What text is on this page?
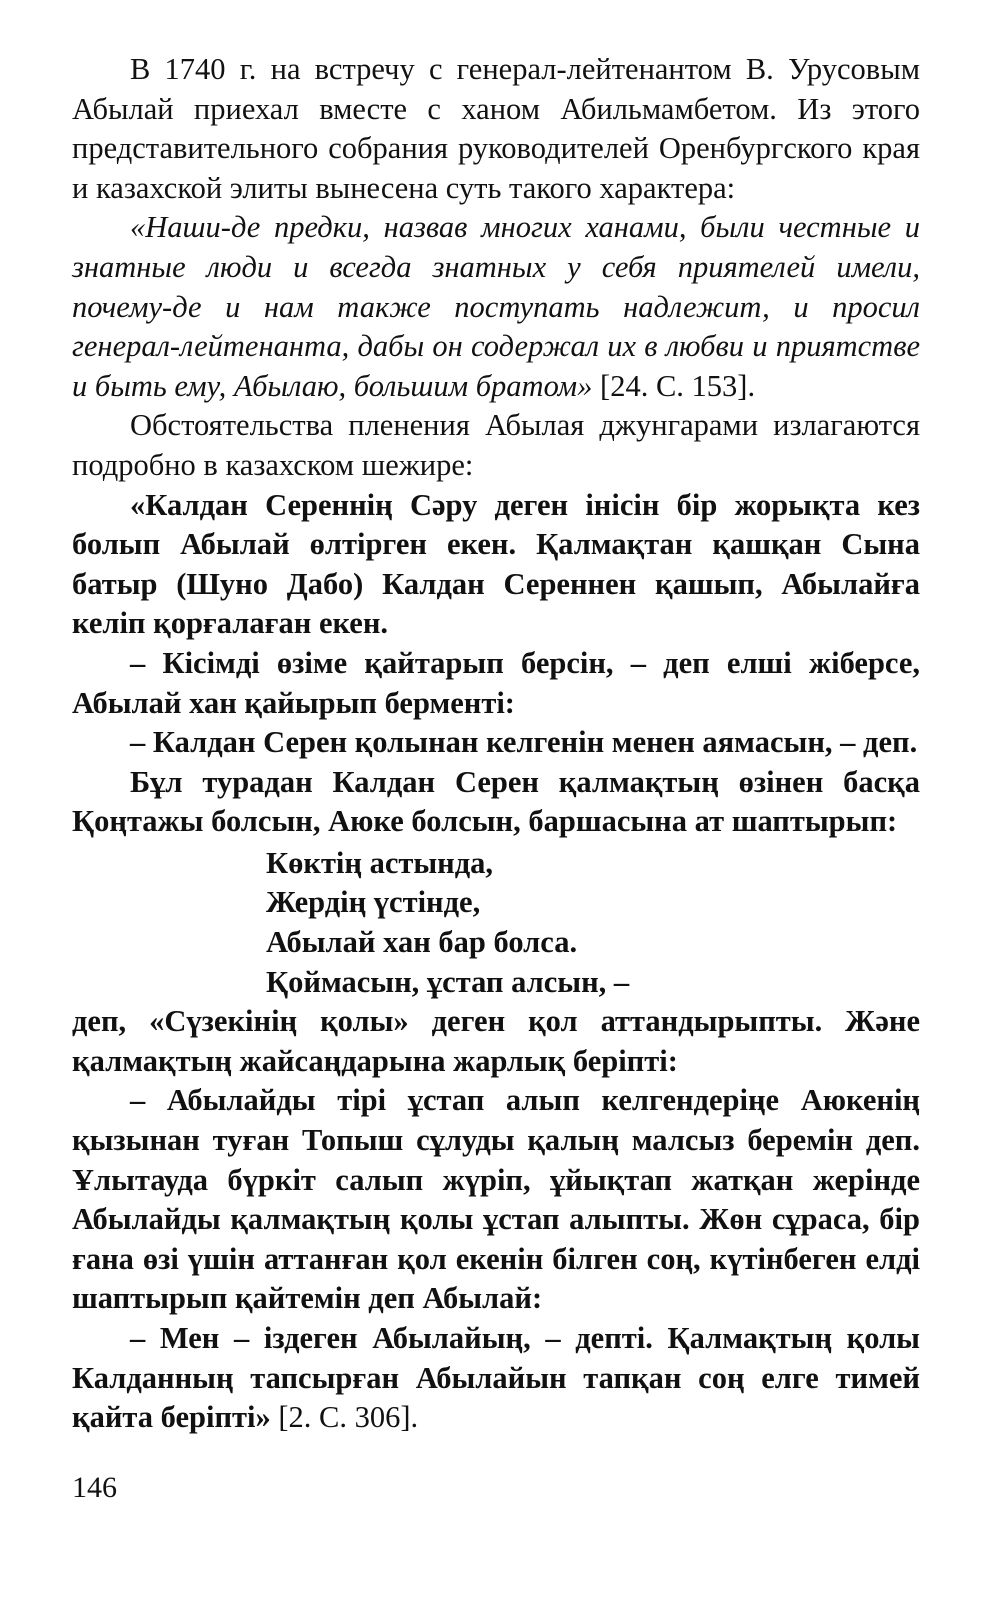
В 1740 г. на встречу с генерал-лейтенантом В. Урусовым Абылай приехал вместе с ханом Абильмамбетом. Из этого представительного собрания руководителей Оренбургского края и казахской элиты вынесена суть такого характера:

«Наши-де предки, назвав многих ханами, были честные и знатные люди и всегда знатных у себя приятелей имели, почему-де и нам также поступать надлежит, и просил генерал-лейтенанта, дабы он содержал их в любви и приятстве и быть ему, Абылаю, большим братом» [24. С. 153].

Обстоятельства пленения Абылая джунгарами излагаются подробно в казахском шежире:

«Калдан Сереннің Сәру деген інісін бір жорықта кез болып Абылай өлтірген екен. Қалмақтан қашқан Сына батыр (Шуно Дабо) Калдан Сереннен қашып, Абылайға келіп қорғалаған екен.

– Кісімді өзіме қайтарып берсін, – деп елші жіберсе, Абылай хан қайырып берменті:

– Калдан Серен қолынан келгенін менен аямасын, – деп.

Бұл турадан Калдан Серен қалмақтың өзінен басқа Қоңтажы болсын, Аюке болсын, баршасына ат шаптырып:

Көктің астында,
Жердің үстінде,
Абылай хан бар болса.
Қоймасын, ұстап алсын, –

деп, «Сүзекінің қолы» деген қол аттандырыпты. Және қалмақтың жайсаңдарына жарлық беріпті:

– Абылайды тірі ұстап алып келгендеріңе Аюкенің қызынан туған Топыш сұлуды қалың малсыз беремін деп. Ұлытауда бүркіт салып жүріп, ұйықтап жатқан жерінде Абылайды қалмақтың қолы ұстап алыпты. Жөн сұраса, бір ғана өзі үшін аттанған қол екенін білген соң, күтінбеген елді шаптырып қайтемін деп Абылай:

– Мен – іздеген Абылайың, – депті. Қалмақтың қолы Калданның тапсырған Абылайын тапқан соң елге тимей қайта беріпті» [2. С. 306].

146
